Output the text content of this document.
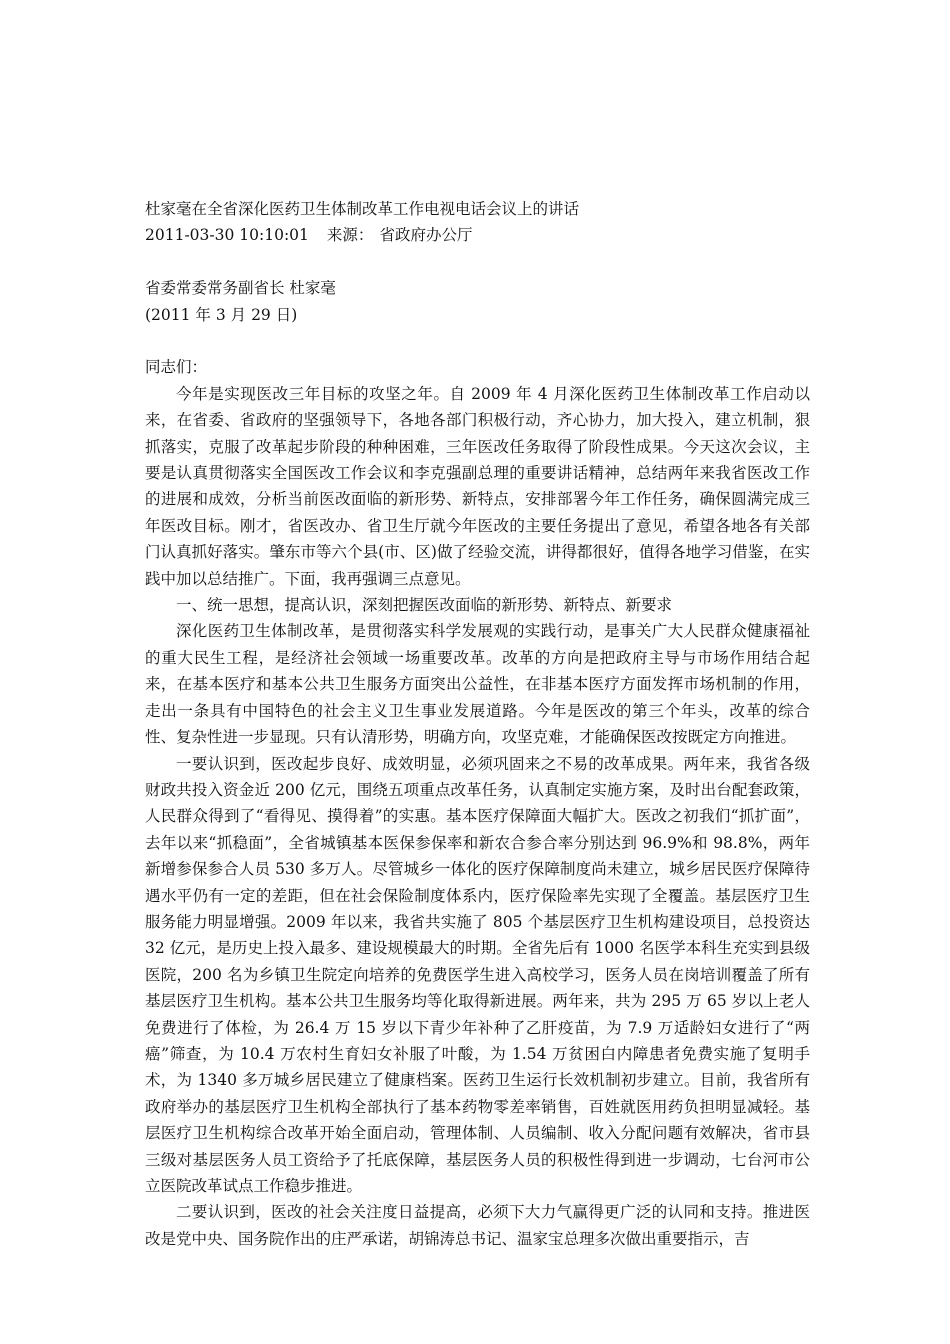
杜家毫在全省深化医药卫生体制改革工作电视电话会议上的讲话
2011-03-30 10:10:01 来源： 省政府办公厅
省委常委常务副省长 杜家毫
(2011 年 3 月 29 日)
同志们：

今年是实现医改三年目标的攻坚之年。自 2009 年 4 月深化医药卫生体制改革工作启动以来，在省委、省政府的坚强领导下，各地各部门积极行动，齐心协力，加大投入，建立机制，狠抓落实，克服了改革起步阶段的种种困难，三年医改任务取得了阶段性成果。今天这次会议，主要是认真贯彻落实全国医改工作会议和李克强副总理的重要讲话精神，总结两年来我省医改工作的进展和成效，分析当前医改面临的新形势、新特点，安排部署今年工作任务，确保圆满完成三年医改目标。刚才，省医改办、省卫生厅就今年医改的主要任务提出了意见，希望各地各有关部门认真抓好落实。肇东市等六个县(市、区)做了经验交流，讲得都很好，值得各地学习借鉴，在实践中加以总结推广。下面，我再强调三点意见。

一、统一思想，提高认识，深刻把握医改面临的新形势、新特点、新要求

深化医药卫生体制改革，是贯彻落实科学发展观的实践行动，是事关广大人民群众健康福祉的重大民生工程，是经济社会领域一场重要改革。改革的方向是把政府主导与市场作用结合起来，在基本医疗和基本公共卫生服务方面突出公益性，在非基本医疗方面发挥市场机制的作用，走出一条具有中国特色的社会主义卫生事业发展道路。今年是医改的第三个年头，改革的综合性、复杂性进一步显现。只有认清形势，明确方向，攻坚克难，才能确保医改按既定方向推进。

一要认识到，医改起步良好、成效明显，必须巩固来之不易的改革成果。两年来，我省各级财政共投入资金近 200 亿元，围绕五项重点改革任务，认真制定实施方案，及时出台配套政策，人民群众得到了“看得见、摸得着”的实惠。基本医疗保障面大幅扩大。医改之初我们“抓扩面”，去年以来“抓稳面”，全省城镇基本医保参保率和新农合参合率分别达到 96.9%和 98.8%，两年新增参保参合人员 530 多万人。尽管城乡一体化的医疗保障制度尚未建立，城乡居民医疗保障待遇水平仍有一定的差距，但在社会保险制度体系内，医疗保险率先实现了全覆盖。基层医疗卫生服务能力明显增强。2009 年以来，我省共实施了 805 个基层医疗卫生机构建设项目，总投资达 32 亿元，是历史上投入最多、建设规模最大的时期。全省先后有 1000 名医学本科生充实到县级医院，200 名为乡镇卫生院定向培养的免费医学生进入高校学习，医务人员在岗培训覆盖了所有基层医疗卫生机构。基本公共卫生服务均等化取得新进展。两年来，共为 295 万 65 岁以上老人免费进行了体检，为 26.4 万 15 岁以下青少年补种了乙肝疫苗，为 7.9 万适龄妇女进行了“两癌”筛查，为 10.4 万农村生育妇女补服了叶酸，为 1.54 万贫困白内障患者免费实施了复明手术，为 1340 多万城乡居民建立了健康档案。医药卫生运行长效机制初步建立。目前，我省所有政府举办的基层医疗卫生机构全部执行了基本药物零差率销售，百姓就医用药负担明显减轻。基层医疗卫生机构综合改革开始全面启动，管理体制、人员编制、收入分配问题有效解决，省市县三级对基层医务人员工资给予了托底保障，基层医务人员的积极性得到进一步调动，七台河市公立医院改革试点工作稳步推进。

二要认识到，医改的社会关注度日益提高，必须下大力气赢得更广泛的认同和支持。推进医改是党中央、国务院作出的庄严承诺，胡锦涛总书记、温家宝总理多次做出重要指示，吉
